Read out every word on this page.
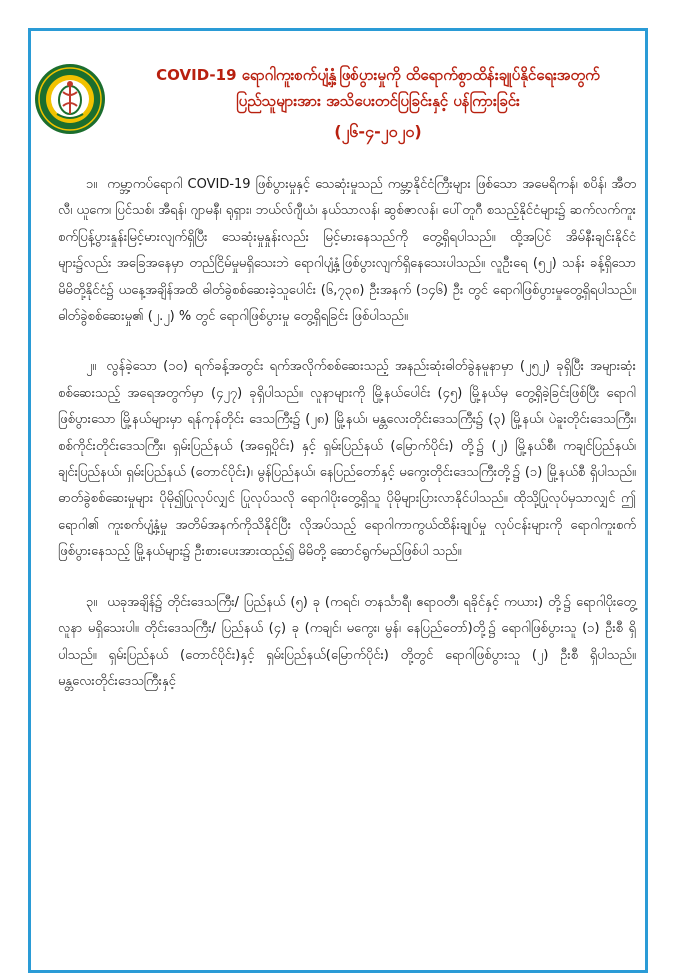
COVID-19 ရောဂါကူးစက်ပျံ့နှံ့ဖြစ်ပွားမှုကို ထိရောက်စွာထိန်းချုပ်နိုင်ရေးအတွက်
ပြည်သူများအား အသိပေးတင်ပြခြင်းနှင့် ပန်ကြားခြင်း
(၂၆-၄-၂၀၂၀)

၁။ ကမ္ဘာ့ကပ်ရောဂါ COVID-19 ဖြစ်ပွားမှုနှင့် သေဆုံးမှုသည် ကမ္ဘာ့နိုင်ငံကြီးများ ဖြစ်သော အမေရိကန်၊ စပိန်၊ အီတလီ၊ ယူကေ၊ ပြင်သစ်၊ အီရန်၊ ဂျာမနီ၊ ရုရှား၊ ဘယ်လ်ဂျီယံ၊ နယ်သာလန်၊ ဆွစ်ဇာလန်၊ ပေါ်တူဂီ စသည့်နိုင်ငံများ၌ ဆက်လက်ကူးစက်ပြန့်ပွားနှုန်းမြင့်မားလျက်ရှိပြီး သေဆုံးမှုနှုန်းလည်း မြင့်မားနေသည်ကို တွေ့ရှိရပါသည်။ ထို့အပြင် အိမ်နီးချင်းနိုင်ငံများ၌လည်း အခြေအနေမှာ တည်ငြိမ်မှုမရှိသေးဘဲ ရောဂါပျံ့နှံ့ဖြစ်ပွားလျက်ရှိနေသေးပါသည်။ လူဦးရေ (၅၂) သန်း ခန့်ရှိသော မိမိတို့နိုင်ငံ၌ ယနေ့အချိန်အထိ ဓါတ်ခွဲစစ်ဆေးခဲ့သူပေါင်း (၆,၇၃၈) ဦးအနက် (၁၄၆) ဦး တွင် ရောဂါဖြစ်ပွားမှုတွေ့ရှိရပါသည်။ ဓါတ်ခွဲစစ်ဆေးမှု၏ (၂.၂) % တွင် ရောဂါဖြစ်ပွားမှု တွေ့ရှိရခြင်း ဖြစ်ပါသည်။

၂။ လွန်ခဲ့သော (၁၀) ရက်ခန့်အတွင်း ရက်အလိုက်စစ်ဆေးသည့် အနည်းဆုံးဓါတ်ခွဲနမူနာမှာ (၂၅၂) ခုရှိပြီး အများဆုံးစစ်ဆေးသည့် အရေအတွက်မှာ (၄၂၇) ခုရှိပါသည်။ လူနာများကို မြို့နယ်ပေါင်း (၄၅) မြို့နယ်မှ တွေ့ရှိခဲ့ခြင်းဖြစ်ပြီး ရောဂါဖြစ်ပွားသော မြို့နယ်များမှာ ရန်ကုန်တိုင်း ဒေသကြီး၌ (၂၈) မြို့နယ်၊ မန္တလေးတိုင်းဒေသကြီး၌ (၃) မြို့နယ်၊ ပဲခူးတိုင်းဒေသကြီး၊ စစ်ကိုင်းတိုင်းဒေသကြီး၊ ရှမ်းပြည်နယ် (အရှေ့ပိုင်း) နှင့် ရှမ်းပြည်နယ် (မြောက်ပိုင်း) တို့၌ (၂) မြို့နယ်စီ၊ ကချင်ပြည်နယ်၊ ချင်းပြည်နယ်၊ ရှမ်းပြည်နယ် (တောင်ပိုင်း)၊ မွန်ပြည်နယ်၊ နေပြည်တော်နှင့် မကွေးတိုင်းဒေသကြီးတို့၌ (၁) မြို့နယ်စီ ရှိပါသည်။ ဓာတ်ခွဲစစ်ဆေးမှုများ ပိုမို၍ပြုလုပ်လျှင် ပြုလုပ်သလို ရောဂါပိုးတွေ့ရှိသူ ပိုမိုများပြားလာနိုင်ပါသည်။ ထိုသို့ပြုလုပ်မှသာလျှင် ဤရောဂါ၏ ကူးစက်ပျံ့နှံ့မှု အတိမ်အနက်ကိုသိနိုင်ပြီး လိုအပ်သည့် ရောဂါကာကွယ်ထိန်းချုပ်မှု လုပ်ငန်းများကို ရောဂါကူးစက်ဖြစ်ပွားနေသည့် မြို့နယ်များ၌ ဦးစားပေးအားထည့်၍ မိမိတို့ ဆောင်ရွက်မည်ဖြစ်ပါ သည်။

၃။ ယခုအချိန်၌ တိုင်းဒေသကြီး/ ပြည်နယ် (၅) ခု (ကရင်၊ တနင်္သာရီ၊ ဧရာဝတီ၊ ရခိုင်နှင့် ကယား) တို့၌ ရောဂါပိုးတွေ့လူနာ မရှိသေးပါ။ တိုင်းဒေသကြီး/ ပြည်နယ် (၄) ခု (ကချင်၊ မကွေး၊ မွန်၊ နေပြည်တော်)တို့၌ ရောဂါဖြစ်ပွားသူ (၁) ဦးစီ ရှိပါသည်။ ရှမ်းပြည်နယ် (တောင်ပိုင်း)နှင့် ရှမ်းပြည်နယ်(မြောက်ပိုင်း) တို့တွင် ရောဂါဖြစ်ပွားသူ (၂) ဦးစီ ရှိပါသည်။ မန္တလေးတိုင်းဒေသကြီးနှင့်
